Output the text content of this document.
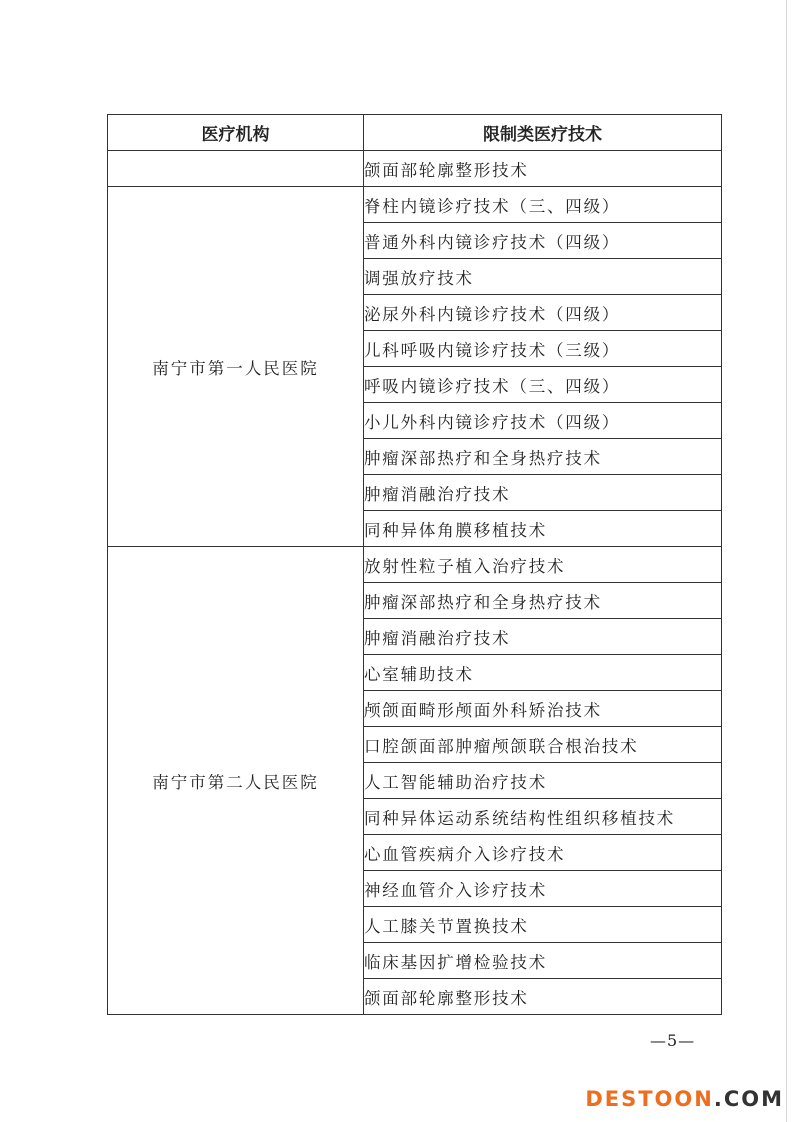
医疗机构	限制类医疗技术
	颌面部轮廓整形技术
南宁市第一人民医院	脊柱内镜诊疗技术（三、四级）
	普通外科内镜诊疗技术（四级）
	调强放疗技术
	泌尿外科内镜诊疗技术（四级）
	儿科呼吸内镜诊疗技术（三级）
	呼吸内镜诊疗技术（三、四级）
	小儿外科内镜诊疗技术（四级）
	肿瘤深部热疗和全身热疗技术
	肿瘤消融治疗技术
	同种异体角膜移植技术
南宁市第二人民医院	放射性粒子植入治疗技术
	肿瘤深部热疗和全身热疗技术
	肿瘤消融治疗技术
	心室辅助技术
	颅颌面畸形颅面外科矫治技术
	口腔颌面部肿瘤颅颌联合根治技术
	人工智能辅助治疗技术
	同种异体运动系统结构性组织移植技术
	心血管疾病介入诊疗技术
	神经血管介入诊疗技术
	人工膝关节置换技术
	临床基因扩增检验技术
	颌面部轮廓整形技术
—5—
DESTOON.COM
